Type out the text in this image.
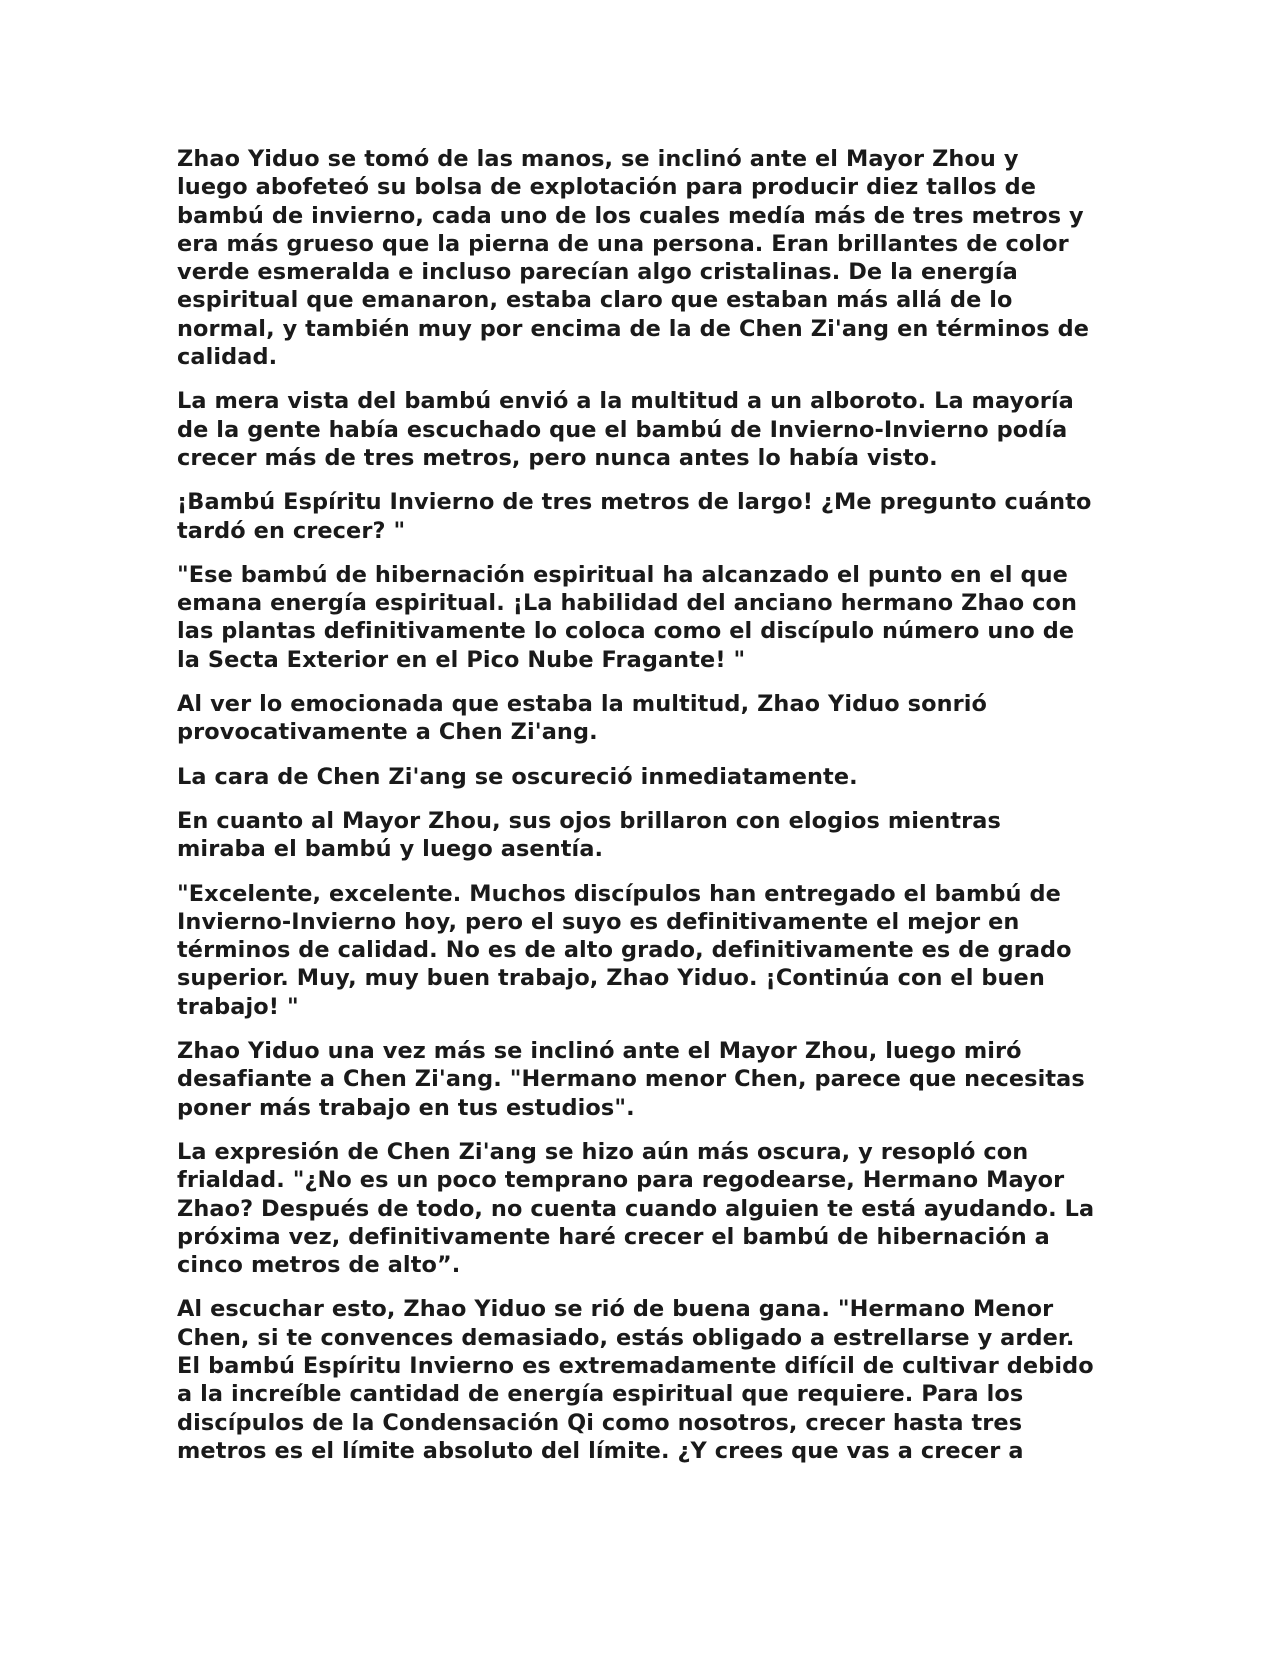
Zhao Yiduo se tomó de las manos, se inclinó ante el Mayor Zhou y luego abofeteó su bolsa de explotación para producir diez tallos de bambú de invierno, cada uno de los cuales medía más de tres metros y era más grueso que la pierna de una persona. Eran brillantes de color verde esmeralda e incluso parecían algo cristalinas. De la energía espiritual que emanaron, estaba claro que estaban más allá de lo normal, y también muy por encima de la de Chen Zi'ang en términos de calidad.

La mera vista del bambú envió a la multitud a un alboroto. La mayoría de la gente había escuchado que el bambú de Invierno-Invierno podía crecer más de tres metros, pero nunca antes lo había visto.

¡Bambú Espíritu Invierno de tres metros de largo! ¿Me pregunto cuánto tardó en crecer? "

"Ese bambú de hibernación espiritual ha alcanzado el punto en el que emana energía espiritual. ¡La habilidad del anciano hermano Zhao con las plantas definitivamente lo coloca como el discípulo número uno de la Secta Exterior en el Pico Nube Fragante! "

Al ver lo emocionada que estaba la multitud, Zhao Yiduo sonrió provocativamente a Chen Zi'ang.

La cara de Chen Zi'ang se oscureció inmediatamente.

En cuanto al Mayor Zhou, sus ojos brillaron con elogios mientras miraba el bambú y luego asentía.

"Excelente, excelente. Muchos discípulos han entregado el bambú de Invierno-Invierno hoy, pero el suyo es definitivamente el mejor en términos de calidad. No es de alto grado, definitivamente es de grado superior. Muy, muy buen trabajo, Zhao Yiduo. ¡Continúa con el buen trabajo! "

Zhao Yiduo una vez más se inclinó ante el Mayor Zhou, luego miró desafiante a Chen Zi'ang. "Hermano menor Chen, parece que necesitas poner más trabajo en tus estudios".

La expresión de Chen Zi'ang se hizo aún más oscura, y resopló con frialdad. "¿No es un poco temprano para regodearse, Hermano Mayor Zhao? Después de todo, no cuenta cuando alguien te está ayudando. La próxima vez, definitivamente haré crecer el bambú de hibernación a cinco metros de alto”.

Al escuchar esto, Zhao Yiduo se rió de buena gana. "Hermano Menor Chen, si te convences demasiado, estás obligado a estrellarse y arder. El bambú Espíritu Invierno es extremadamente difícil de cultivar debido a la increíble cantidad de energía espiritual que requiere. Para los discípulos de la Condensación Qi como nosotros, crecer hasta tres metros es el límite absoluto del límite. ¿Y crees que vas a crecer a
